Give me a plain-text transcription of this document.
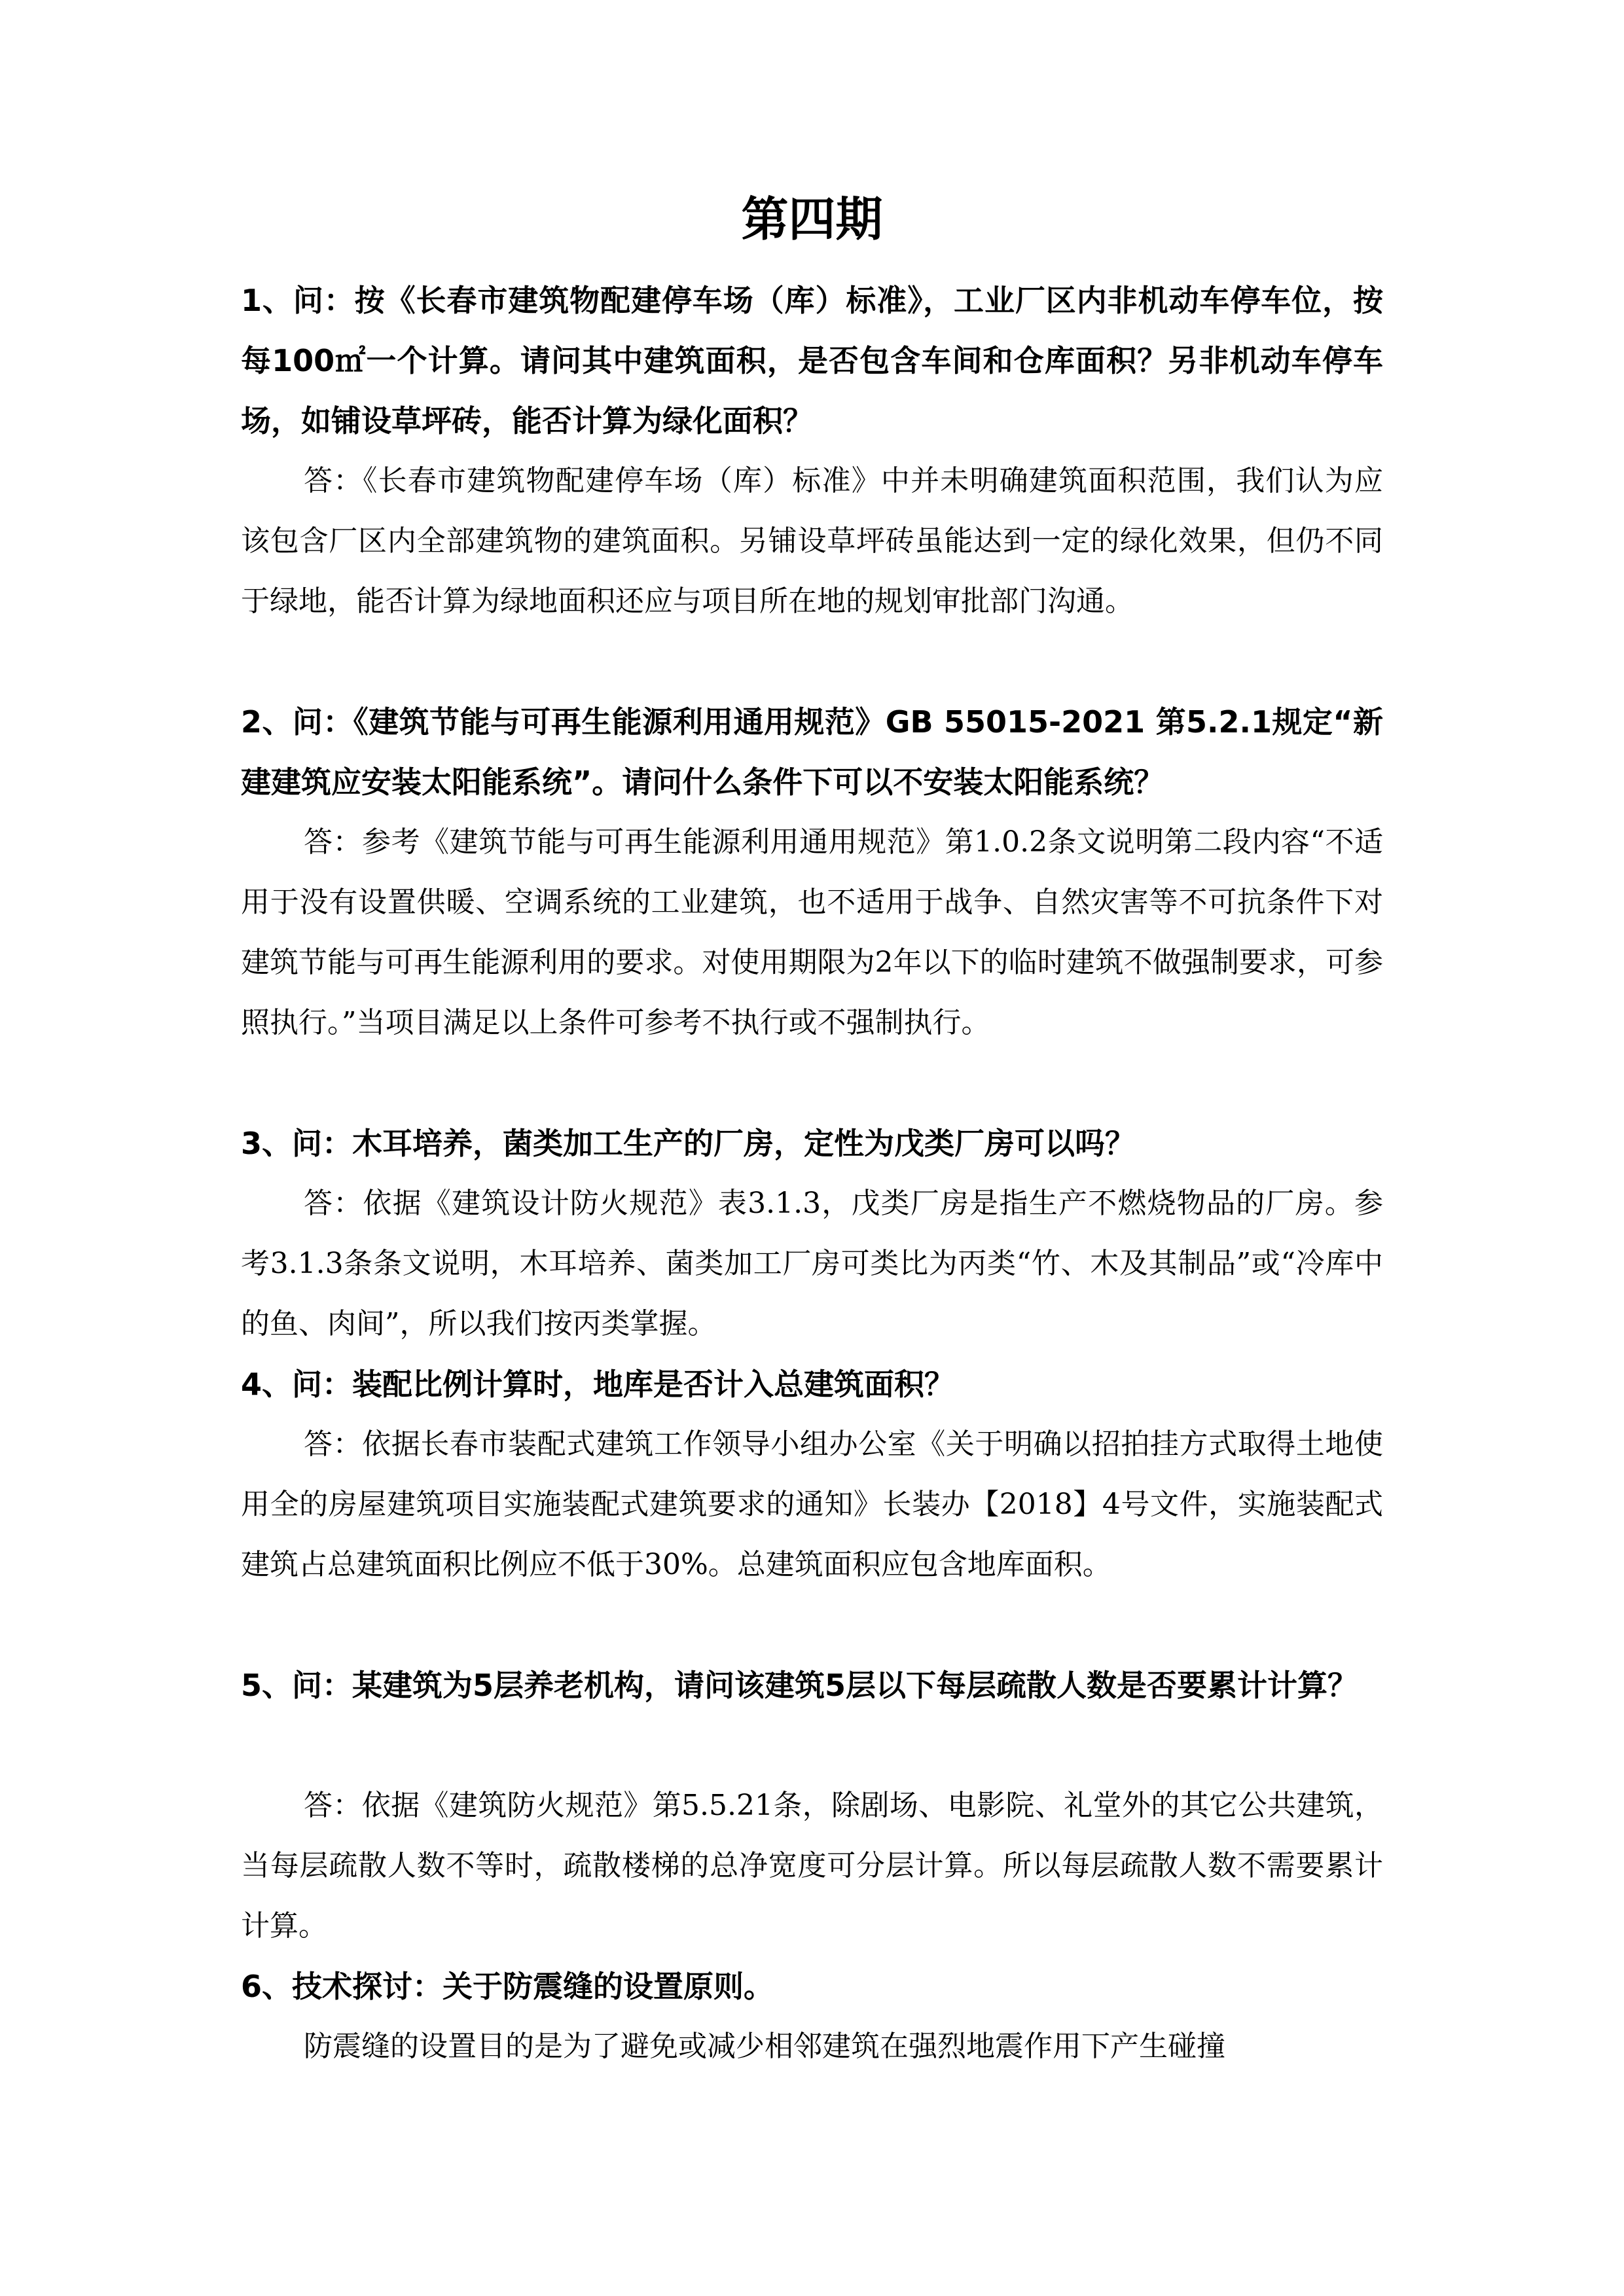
第四期
1、问：按《长春市建筑物配建停车场（库）标准》，工业厂区内非机动车停车位，按每100㎡一个计算。请问其中建筑面积，是否包含车间和仓库面积？另非机动车停车场，如铺设草坪砖，能否计算为绿化面积？
答：《长春市建筑物配建停车场（库）标准》中并未明确建筑面积范围，我们认为应该包含厂区内全部建筑物的建筑面积。另铺设草坪砖虽能达到一定的绿化效果，但仍不同于绿地，能否计算为绿地面积还应与项目所在地的规划审批部门沟通。
2、问：《建筑节能与可再生能源利用通用规范》GB 55015-2021 第5.2.1规定“新建建筑应安装太阳能系统”。请问什么条件下可以不安装太阳能系统？
答：参考《建筑节能与可再生能源利用通用规范》第1.0.2条文说明第二段内容“不适用于没有设置供暖、空调系统的工业建筑，也不适用于战争、自然灾害等不可抗条件下对建筑节能与可再生能源利用的要求。对使用期限为2年以下的临时建筑不做强制要求，可参照执行。”当项目满足以上条件可参考不执行或不强制执行。
3、问：木耳培养，菌类加工生产的厂房，定性为戊类厂房可以吗？
答：依据《建筑设计防火规范》表3.1.3，戊类厂房是指生产不燃烧物品的厂房。参考3.1.3条条文说明，木耳培养、菌类加工厂房可类比为丙类“竹、木及其制品”或“冷库中的鱼、肉间”，所以我们按丙类掌握。
4、问：装配比例计算时，地库是否计入总建筑面积？
答：依据长春市装配式建筑工作领导小组办公室《关于明确以招拍挂方式取得土地使用全的房屋建筑项目实施装配式建筑要求的通知》长装办【2018】4号文件，实施装配式建筑占总建筑面积比例应不低于30%。总建筑面积应包含地库面积。
5、问：某建筑为5层养老机构，请问该建筑5层以下每层疏散人数是否要累计计算？
答：依据《建筑防火规范》第5.5.21条，除剧场、电影院、礼堂外的其它公共建筑，当每层疏散人数不等时，疏散楼梯的总净宽度可分层计算。所以每层疏散人数不需要累计计算。
6、技术探讨：关于防震缝的设置原则。
防震缝的设置目的是为了避免或减少相邻建筑在强烈地震作用下产生碰撞
